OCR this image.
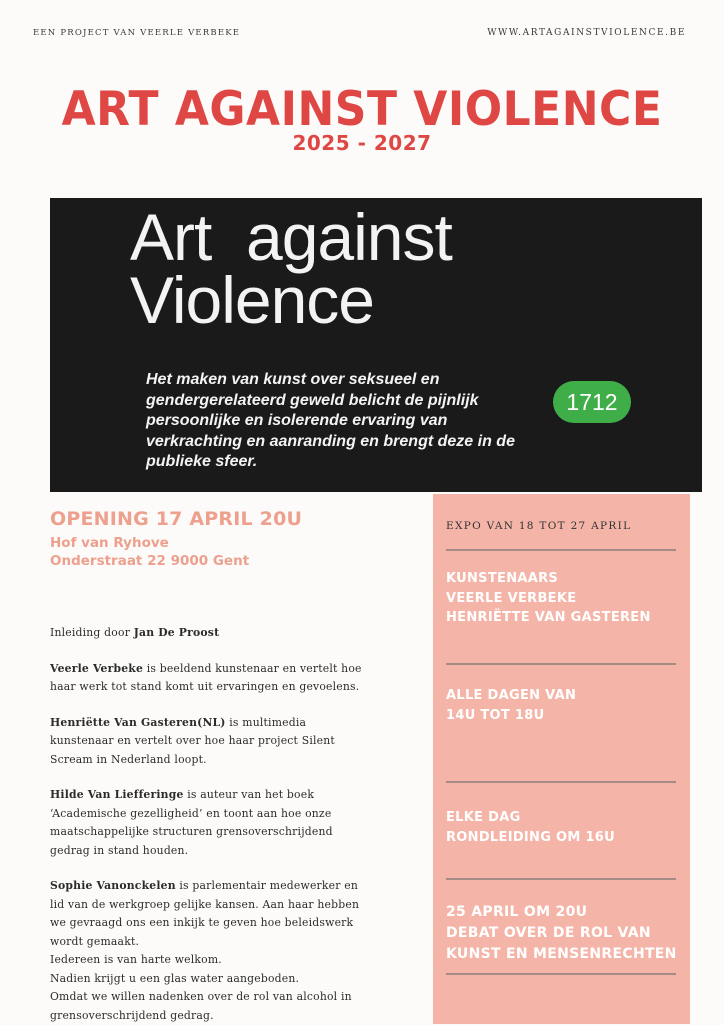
EEN PROJECT VAN VEERLE VERBEKE	WWW.ARTAGAINSTVIOLENCE.BE
ART AGAINST VIOLENCE
2025 - 2027
Art  against
Violence
Het maken van kunst over seksueel en gendergerelateerd geweld belicht de pijnlijk persoonlijke en isolerende ervaring van verkrachting en aanranding en brengt deze in de publieke sfeer.
1712
OPENING 17 APRIL 20U
Hof van Ryhove
Onderstraat 22 9000 Gent

Inleiding door Jan De Proost

Veerle Verbeke is beeldend kunstenaar en vertelt hoe haar werk tot stand komt uit ervaringen en gevoelens.

Henriëtte Van Gasteren(NL) is multimedia kunstenaar en vertelt over hoe haar project Silent Scream in Nederland loopt.

Hilde Van Liefferinge is auteur van het boek ‘Academische gezelligheid’ en toont aan hoe onze maatschappelijke structuren grensoverschrijdend gedrag in stand houden.

Sophie Vanonckelen is parlementair medewerker en lid van de werkgroep gelijke kansen. Aan haar hebben we gevraagd ons een inkijk te geven hoe beleidswerk wordt gemaakt.

Iedereen is van harte welkom.
Nadien krijgt u een glas water aangeboden.
Omdat we willen nadenken over de rol van alcohol in grensoverschrijdend gedrag.
EXPO VAN 18 TOT 27 APRIL
KUNSTENAARS
VEERLE VERBEKE
HENRIËTTE VAN GASTEREN
ALLE DAGEN VAN
14U TOT 18U
ELKE DAG
RONDLEIDING OM 16U
25 APRIL OM 20U
DEBAT OVER DE ROL VAN
KUNST EN MENSENRECHTEN
